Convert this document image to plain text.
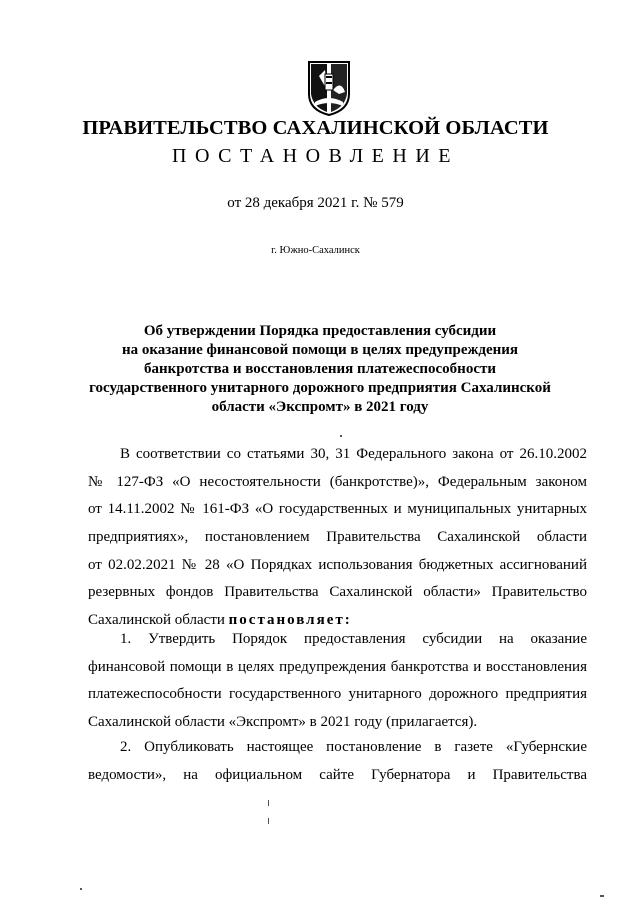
ПРАВИТЕЛЬСТВО САХАЛИНСКОЙ ОБЛАСТИ
ПОСТАНОВЛЕНИЕ
от 28 декабря 2021 г. № 579
г. Южно-Сахалинск
Об утверждении Порядка предоставления субсидии
на оказание финансовой помощи в целях предупреждения
банкротства и восстановления платежеспособности
государственного унитарного дорожного предприятия Сахалинской
области «Экспромт» в 2021 году
В соответствии со статьями 30, 31 Федерального закона от 26.10.2002
№ 127-ФЗ «О несостоятельности (банкротстве)», Федеральным законом
от 14.11.2002 № 161-ФЗ «О государственных и муниципальных унитарных
предприятиях», постановлением Правительства Сахалинской области
от 02.02.2021 № 28 «О Порядках использования бюджетных ассигнований
резервных фондов Правительства Сахалинской области» Правительство
Сахалинской области постановляет:
1. Утвердить Порядок предоставления субсидии на оказание
финансовой помощи в целях предупреждения банкротства и восстановления
платежеспособности государственного унитарного дорожного предприятия
Сахалинской области «Экспромт» в 2021 году (прилагается).
2. Опубликовать настоящее постановление в газете «Губернские
ведомости», на официальном сайте Губернатора и Правительства
